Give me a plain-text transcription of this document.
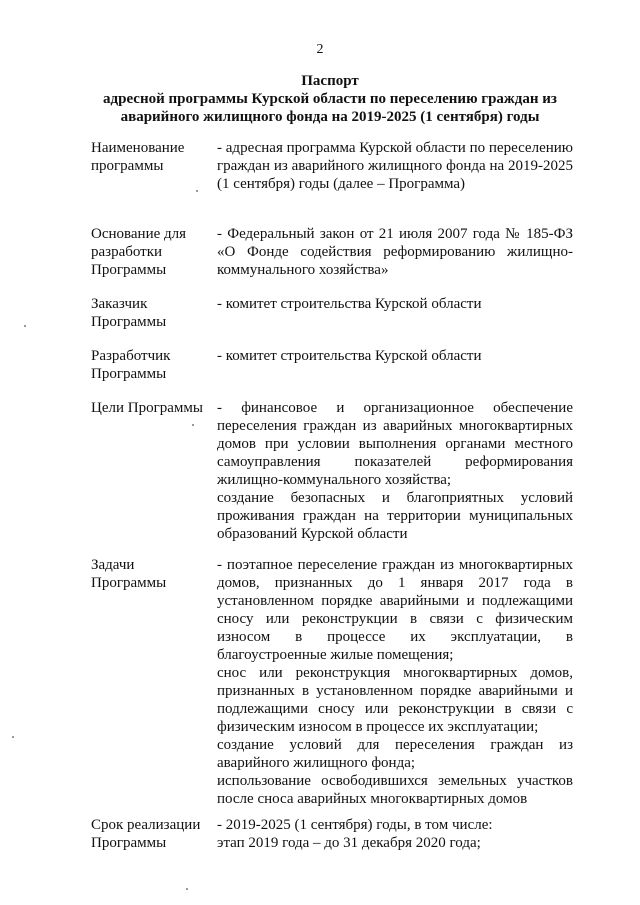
2
Паспорт
адресной программы Курской области по переселению граждан из
аварийного жилищного фонда на 2019-2025 (1 сентября) годы
Наименование
программы

- адресная программа Курской области по переселению граждан из аварийного жилищного фонда на 2019-2025 (1 сентября) годы (далее – Программа)

Основание для
разработки
Программы

- Федеральный закон от 21 июля 2007 года № 185-ФЗ «О Фонде содействия реформированию жилищно-коммунального хозяйства»

Заказчик
Программы

- комитет строительства Курской области

Разработчик
Программы

- комитет строительства Курской области

Цели Программы - финансовое и организационное обеспечение переселения граждан из аварийных многоквартирных домов при условии выполнения органами местного самоуправления показателей реформирования жилищно-коммунального хозяйства;

создание безопасных и благоприятных условий проживания граждан на территории муниципальных образований Курской области

Задачи
Программы

- поэтапное переселение граждан из многоквартирных домов, признанных до 1 января 2017 года в установленном порядке аварийными и подлежащими сносу или реконструкции в связи с физическим износом в процессе их эксплуатации, в благоустроенные жилые помещения;

снос или реконструкция многоквартирных домов, признанных в установленном порядке аварийными и подлежащими сносу или реконструкции в связи с физическим износом в процессе их эксплуатации;

создание условий для переселения граждан из аварийного жилищного фонда;

использование освободившихся земельных участков после сноса аварийных многоквартирных домов

Срок реализации
Программы
- 2019-2025 (1 сентября) годы, в том числе:
этап 2019 года – до 31 декабря 2020 года;
